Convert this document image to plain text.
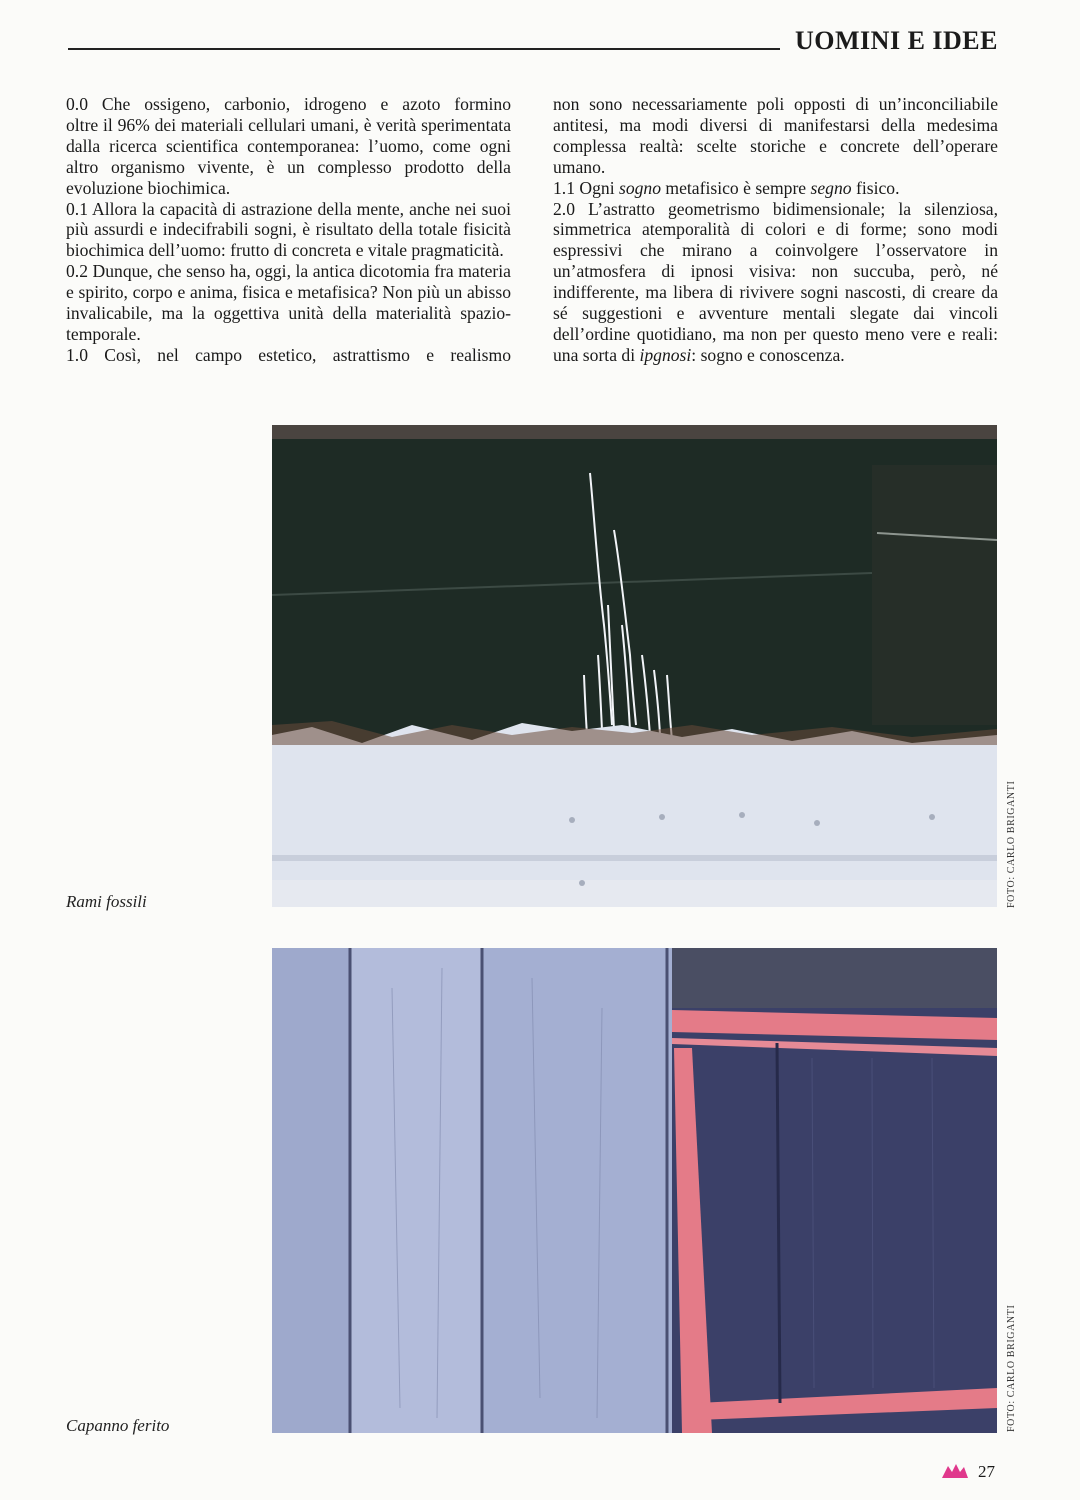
UOMINI E IDEE

0.0 Che ossigeno, carbonio, idrogeno e azoto formino

oltre il 96% dei materiali cellulari umani, è verità sperimentata dalla ricerca scientifica contemporanea: l’uomo, come ogni altro organismo vivente, è un complesso prodotto della evoluzione biochimica.

0.1 Allora la capacità di astrazione della mente, anche nei suoi più assurdi e indecifrabili sogni, è risultato della totale fisicità biochimica dell’uomo: frutto di concreta e vitale pragmaticità.

0.2 Dunque, che senso ha, oggi, la antica dicotomia fra materia e spirito, corpo e anima, fisica e metafisica? Non più un abisso invalicabile, ma la oggettiva unità della materialità spazio-temporale.

1.0 Così, nel campo estetico, astrattismo e realismo

non sono necessariamente poli opposti di un’inconciliabile antitesi, ma modi diversi di manifestarsi della medesima complessa realtà: scelte storiche e concrete dell’operare umano.

1.1 Ogni sogno metafisico è sempre segno fisico.

2.0 L’astratto geometrismo bidimensionale; la silenziosa, simmetrica atemporalità di colori e di forme; sono modi espressivi che mirano a coinvolgere l’osservatore in un’atmosfera di ipnosi visiva: non succuba, però, né indifferente, ma libera di rivivere sogni nascosti, di creare da sé suggestioni e avventure mentali slegate dai vincoli dell’ordine quotidiano, ma non per questo meno vere e reali: una sorta di ipgnosi: sogno e conoscenza.

Rami fossili	FOTO: CARLO BRIGANTI
Capanno ferito	FOTO: CARLO BRIGANTI
27
